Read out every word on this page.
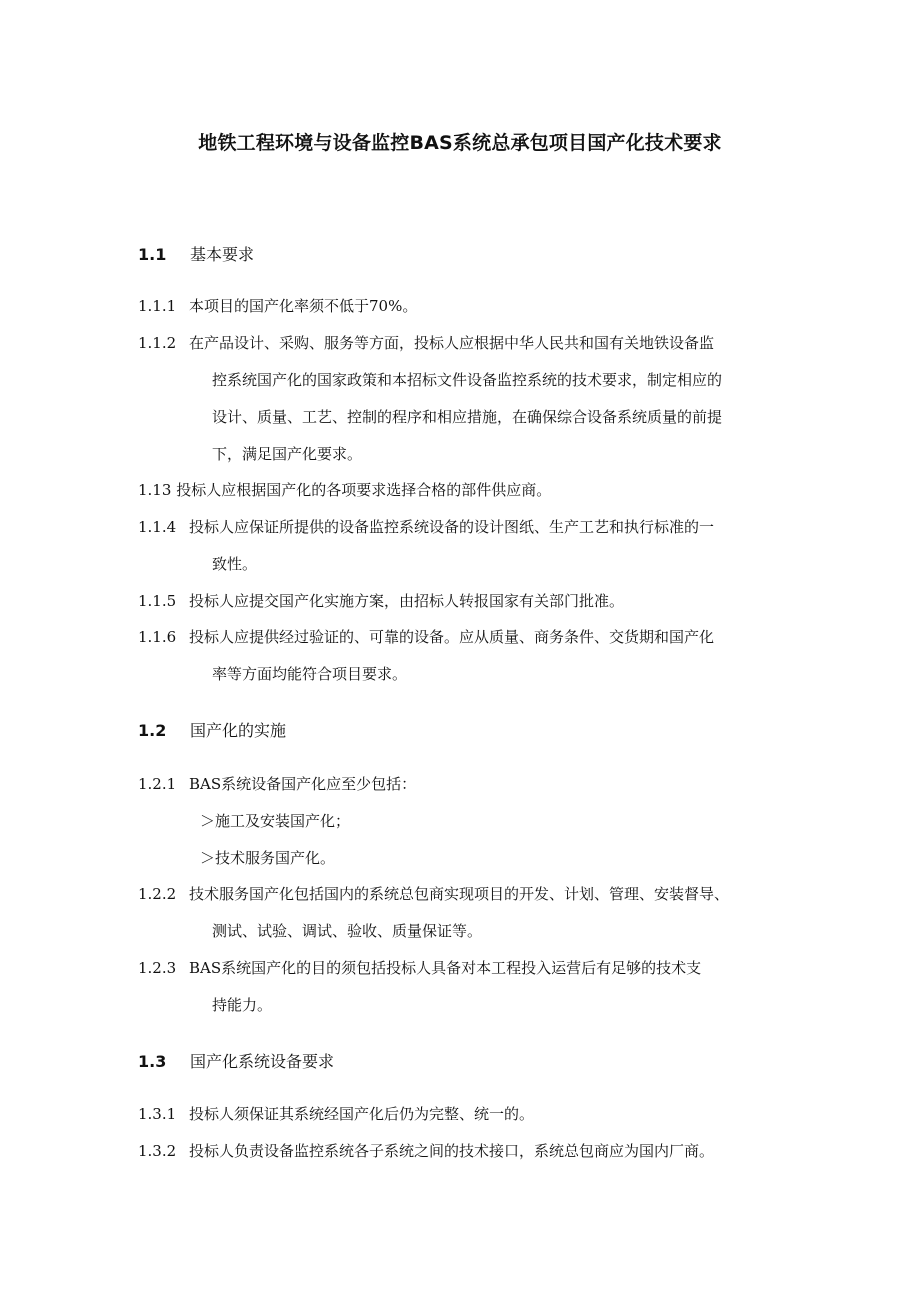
地铁工程环境与设备监控BAS系统总承包项目国产化技术要求
1.1 基本要求
1.1.1 本项目的国产化率须不低于70%。
1.1.2 在产品设计、采购、服务等方面，投标人应根据中华人民共和国有关地铁设备监
控系统国产化的国家政策和本招标文件设备监控系统的技术要求，制定相应的
设计、质量、工艺、控制的程序和相应措施，在确保综合设备系统质量的前提
下，满足国产化要求。
1.13 投标人应根据国产化的各项要求选择合格的部件供应商。
1.1.4 投标人应保证所提供的设备监控系统设备的设计图纸、生产工艺和执行标准的一
致性。
1.1.5 投标人应提交国产化实施方案，由招标人转报国家有关部门批准。
1.1.6 投标人应提供经过验证的、可靠的设备。应从质量、商务条件、交货期和国产化
率等方面均能符合项目要求。
1.2 国产化的实施
1.2.1 BAS系统设备国产化应至少包括：
＞施工及安装国产化；
＞技术服务国产化。
1.2.2 技术服务国产化包括国内的系统总包商实现项目的开发、计划、管理、安装督导、
测试、试验、调试、验收、质量保证等。
1.2.3 BAS系统国产化的目的须包括投标人具备对本工程投入运营后有足够的技术支
持能力。
1.3 国产化系统设备要求
1.3.1 投标人须保证其系统经国产化后仍为完整、统一的。
1.3.2 投标人负责设备监控系统各子系统之间的技术接口，系统总包商应为国内厂商。
